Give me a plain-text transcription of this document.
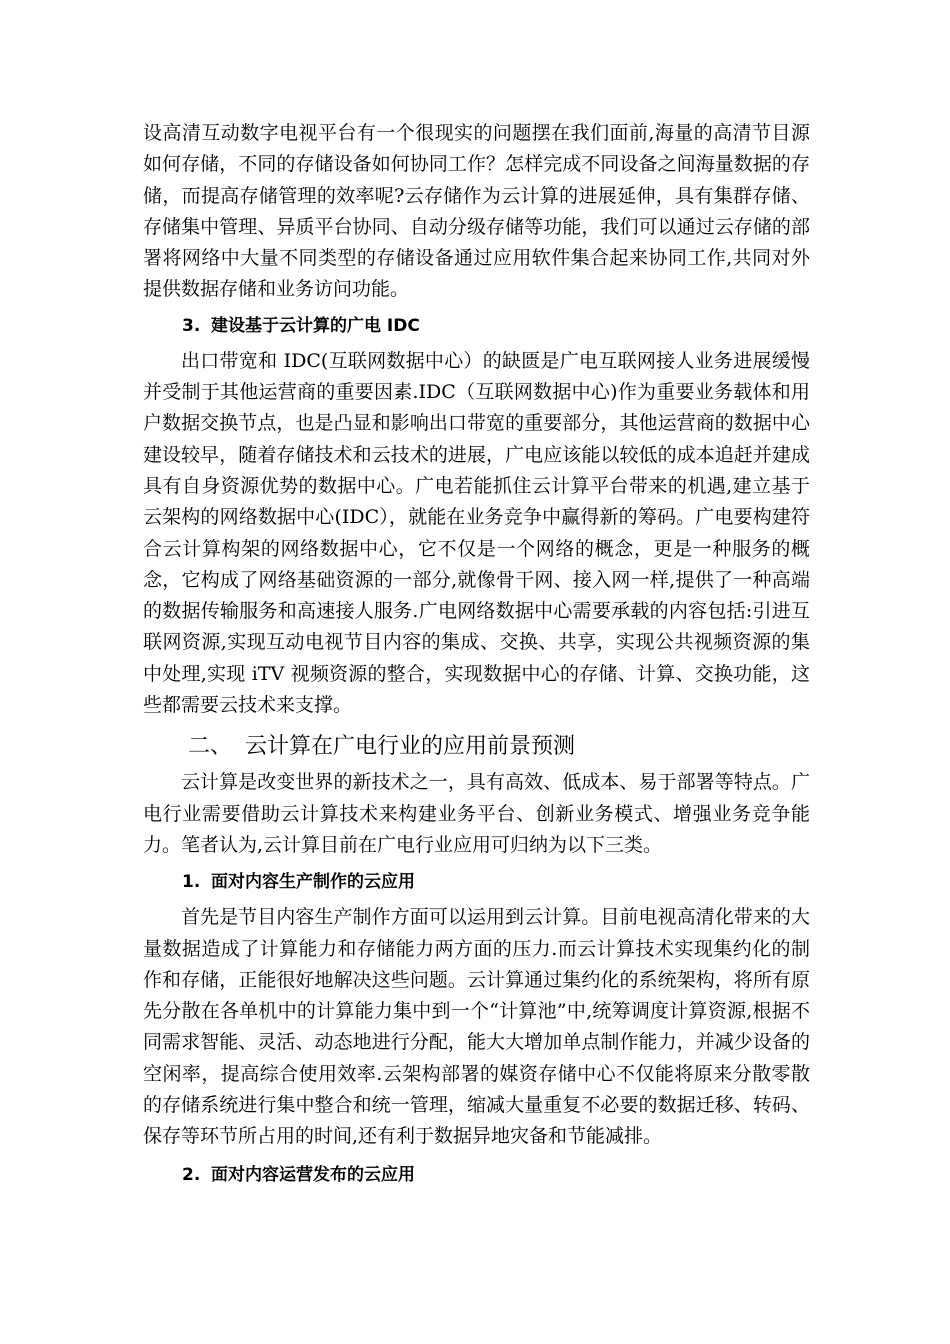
设高清互动数字电视平台有一个很现实的问题摆在我们面前,海量的高清节目源如何存储，不同的存储设备如何协同工作？怎样完成不同设备之间海量数据的存储，而提高存储管理的效率呢?云存储作为云计算的进展延伸，具有集群存储、存储集中管理、异质平台协同、自动分级存储等功能，我们可以通过云存储的部署将网络中大量不同类型的存储设备通过应用软件集合起来协同工作,共同对外提供数据存储和业务访问功能。

3. 建设基于云计算的广电 IDC

出口带宽和 IDC(互联网数据中心）的缺匮是广电互联网接人业务进展缓慢并受制于其他运营商的重要因素.IDC（互联网数据中心)作为重要业务载体和用户数据交换节点，也是凸显和影响出口带宽的重要部分，其他运营商的数据中心建设较早，随着存储技术和云技术的进展，广电应该能以较低的成本追赶并建成具有自身资源优势的数据中心。广电若能抓住云计算平台带来的机遇,建立基于云架构的网络数据中心(IDC），就能在业务竞争中赢得新的筹码。广电要构建符合云计算构架的网络数据中心，它不仅是一个网络的概念，更是一种服务的概念，它构成了网络基础资源的一部分,就像骨干网、接入网一样,提供了一种高端的数据传输服务和高速接人服务.广电网络数据中心需要承载的内容包括:引进互联网资源,实现互动电视节目内容的集成、交换、共享，实现公共视频资源的集中处理,实现 iTV 视频资源的整合，实现数据中心的存储、计算、交换功能，这些都需要云技术来支撑。

二、 云计算在广电行业的应用前景预测

云计算是改变世界的新技术之一，具有高效、低成本、易于部署等特点。广电行业需要借助云计算技术来构建业务平台、创新业务模式、增强业务竞争能力。笔者认为,云计算目前在广电行业应用可归纳为以下三类。

1. 面对内容生产制作的云应用

首先是节目内容生产制作方面可以运用到云计算。目前电视高清化带来的大量数据造成了计算能力和存储能力两方面的压力.而云计算技术实现集约化的制作和存储，正能很好地解决这些问题。云计算通过集约化的系统架构，将所有原先分散在各单机中的计算能力集中到一个“计算池”中,统筹调度计算资源,根据不同需求智能、灵活、动态地进行分配，能大大增加单点制作能力，并减少设备的空闲率，提高综合使用效率.云架构部署的媒资存储中心不仅能将原来分散零散的存储系统进行集中整合和统一管理，缩减大量重复不必要的数据迁移、转码、保存等环节所占用的时间,还有利于数据异地灾备和节能减排。

2. 面对内容运营发布的云应用
